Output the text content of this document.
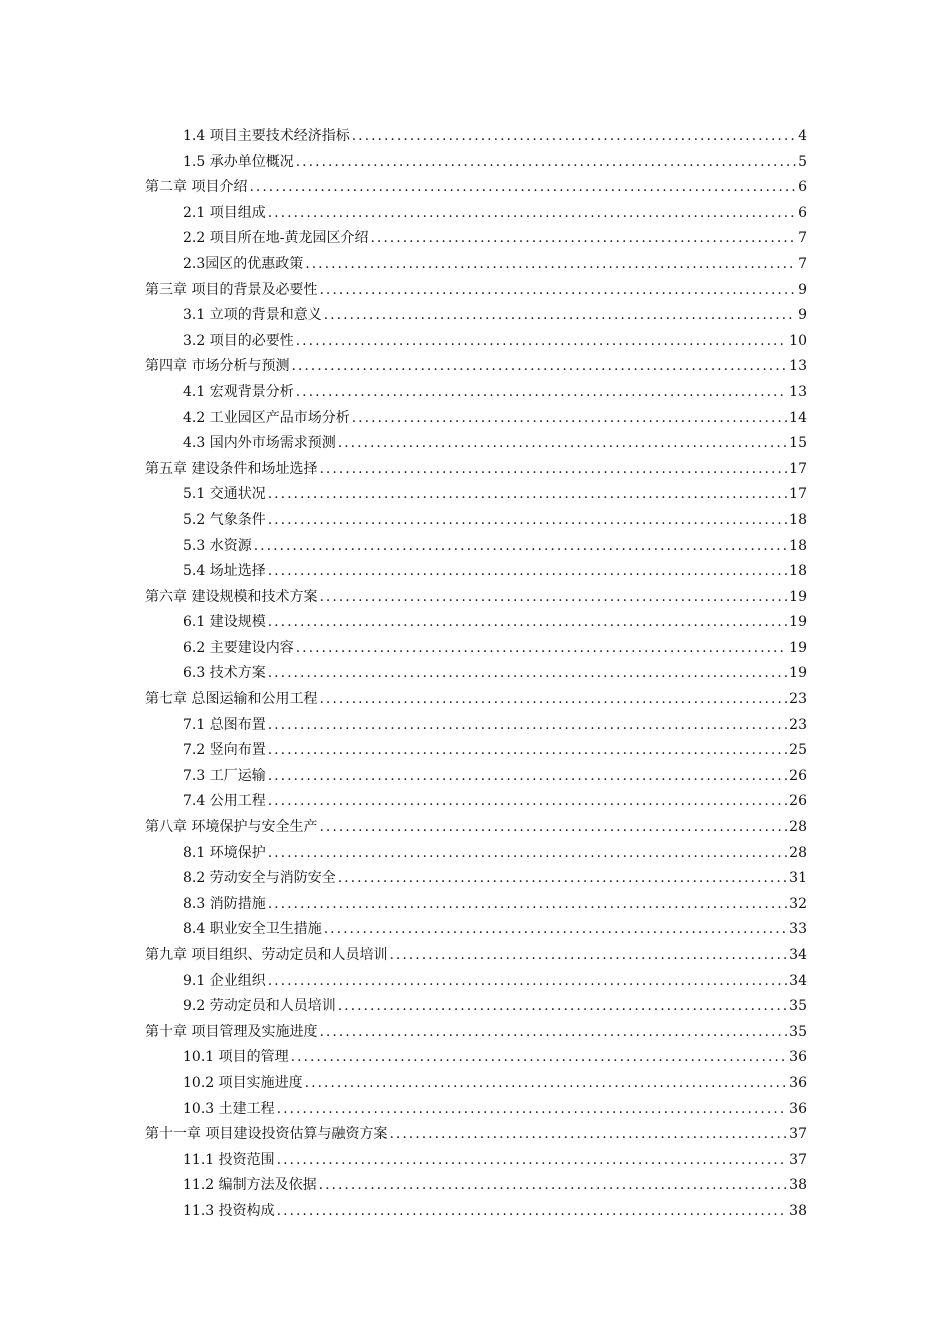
1.4 项目主要技术经济指标 .....	4
1.5 承办单位概况 .....	5
第二章 项目介绍 .....	6
2.1 项目组成 .....	6
2.2 项目所在地-黄龙园区介绍 .....	7
2.3园区的优惠政策 .....	7
第三章 项目的背景及必要性 .....	9
3.1 立项的背景和意义 .....	9
3.2 项目的必要性 .....	10
第四章 市场分析与预测 .....	13
4.1 宏观背景分析 .....	13
4.2 工业园区产品市场分析 .....	14
4.3 国内外市场需求预测 .....	15
第五章 建设条件和场址选择 .....	17
5.1 交通状况 .....	17
5.2 气象条件 .....	18
5.3 水资源 .....	18
5.4 场址选择 .....	18
第六章 建设规模和技术方案 .....	19
6.1 建设规模 .....	19
6.2 主要建设内容 .....	19
6.3 技术方案 .....	19
第七章 总图运输和公用工程 .....	23
7.1 总图布置 .....	23
7.2 竖向布置 .....	25
7.3 工厂运输 .....	26
7.4 公用工程 .....	26
第八章 环境保护与安全生产 .....	28
8.1 环境保护 .....	28
8.2 劳动安全与消防安全 .....	31
8.3 消防措施 .....	32
8.4 职业安全卫生措施 .....	33
第九章 项目组织、劳动定员和人员培训 .....	34
9.1 企业组织 .....	34
9.2 劳动定员和人员培训 .....	35
第十章 项目管理及实施进度 .....	35
10.1 项目的管理 .....	36
10.2 项目实施进度 .....	36
10.3 土建工程 .....	36
第十一章 项目建设投资估算与融资方案 .....	37
11.1 投资范围 .....	37
11.2 编制方法及依据 .....	38
11.3 投资构成 .....	38
